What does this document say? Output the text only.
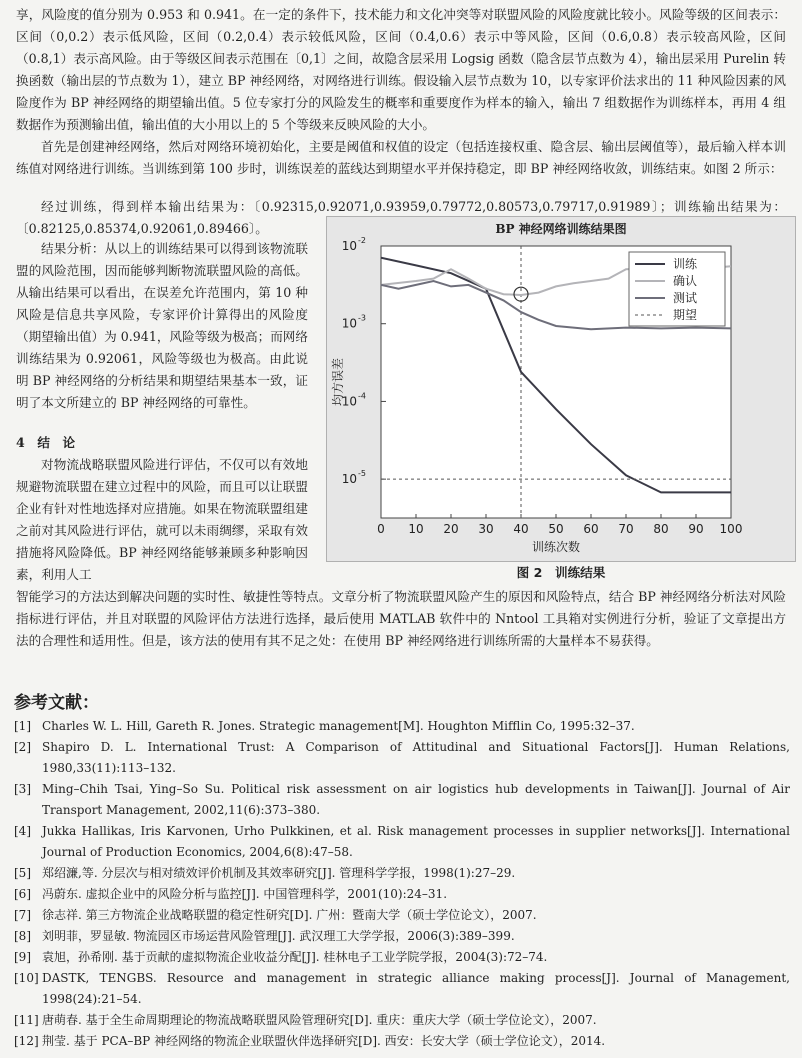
享，风险度的值分别为 0.953 和 0.941。在一定的条件下，技术能力和文化冲突等对联盟风险的风险度就比较小。风险等级的区间表示：区间（0,0.2）表示低风险，区间（0.2,0.4）表示较低风险，区间（0.4,0.6）表示中等风险，区间（0.6,0.8）表示较高风险，区间（0.8,1）表示高风险。由于等级区间表示范围在〔0,1〕之间，故隐含层采用 Logsig 函数（隐含层节点数为 4），输出层采用 Purelin 转换函数（输出层的节点数为 1），建立 BP 神经网络，对网络进行训练。假设输入层节点数为 10，以专家评价法求出的 11 种风险因素的风险度作为 BP 神经网络的期望输出值。5 位专家打分的风险发生的概率和重要度作为样本的输入，输出 7 组数据作为训练样本，再用 4 组数据作为预测输出值，输出值的大小用以上的 5 个等级来反映风险的大小。

首先是创建神经网络，然后对网络环境初始化，主要是阈值和权值的设定（包括连接权重、隐含层、输出层阈值等），最后输入样本训练值对网络进行训练。当训练到第 100 步时，训练误差的蓝线达到期望水平并保持稳定，即 BP 神经网络收敛，训练结束。如图 2 所示：

经过训练，得到样本输出结果为：〔0.92315,0.92071,0.93959,0.79772,0.80573,0.79717,0.91989〕；训练输出结果为：〔0.82125,0.85374,0.92061,0.89466〕。

结果分析：从以上的训练结果可以得到该物流联盟的风险范围，因而能够判断物流联盟风险的高低。从输出结果可以看出，在误差允许范围内，第 10 种风险是信息共享风险，专家评价计算得出的风险度（期望输出值）为 0.941，风险等级为极高；而网络训练结果为 0.92061，风险等级也为极高。由此说明 BP 神经网络的分析结果和期望结果基本一致，证明了本文所建立的 BP 神经网络的可靠性。

4　结　论

对物流战略联盟风险进行评估，不仅可以有效地规避物流联盟在建立过程中的风险，而且可以让联盟企业有针对性地选择对应措施。如果在物流联盟组建之前对其风险进行评估，就可以未雨绸缪，采取有效措施将风险降低。BP 神经网络能够兼顾多种影响因素，利用人工

智能学习的方法达到解决问题的实时性、敏捷性等特点。文章分析了物流联盟风险产生的原因和风险特点，结合 BP 神经网络分析法对风险指标进行评估，并且对联盟的风险评估方法进行选择，最后使用 MATLAB 软件中的 Nntool 工具箱对实例进行分析，验证了文章提出方法的合理性和适用性。但是，该方法的使用有其不足之处：在使用 BP 神经网络进行训练所需的大量样本不易获得。

BP 神经网络训练结果图
0 10 20 30 40 50 60 70 80 90 100
10 -2
10 -3
10 -4
10 -5
训练
确认
测试
期望
均方误差
训练次数
图 2　训练结果
参考文献：
[1] Charles W. L. Hill, Gareth R. Jones. Strategic management[M]. Houghton Mifflin Co, 1995:32–37.
[2] Shapiro D. L. International Trust: A Comparison of Attitudinal and Situational Factors[J]. Human Relations, 1980,33(11):113–132.
[3] Ming–Chih Tsai, Ying–So Su. Political risk assessment on air logistics hub developments in Taiwan[J]. Journal of Air Transport Management, 2002,11(6):373–380.
[4] Jukka Hallikas, Iris Karvonen, Urho Pulkkinen, et al. Risk management processes in supplier networks[J]. International Journal of Production Economics, 2004,6(8):47–58.
[5] 郑绍濂,等. 分层次与相对绩效评价机制及其效率研究[J]. 管理科学学报，1998(1):27–29.
[6] 冯蔚东. 虚拟企业中的风险分析与监控[J]. 中国管理科学，2001(10):24–31.
[7] 徐志祥. 第三方物流企业战略联盟的稳定性研究[D]. 广州：暨南大学（硕士学位论文），2007.
[8] 刘明菲，罗显敏. 物流园区市场运营风险管理[J]. 武汉理工大学学报，2006(3):389–399.
[9] 袁旭，孙希刚. 基于贡献的虚拟物流企业收益分配[J]. 桂林电子工业学院学报，2004(3):72–74.
[10] DASTK, TENGBS. Resource and management in strategic alliance making process[J]. Journal of Management, 1998(24):21–54.
[11] 唐萌春. 基于全生命周期理论的物流战略联盟风险管理研究[D]. 重庆：重庆大学（硕士学位论文），2007.
[12] 荆莹. 基于 PCA–BP 神经网络的物流企业联盟伙伴选择研究[D]. 西安：长安大学（硕士学位论文），2014.
